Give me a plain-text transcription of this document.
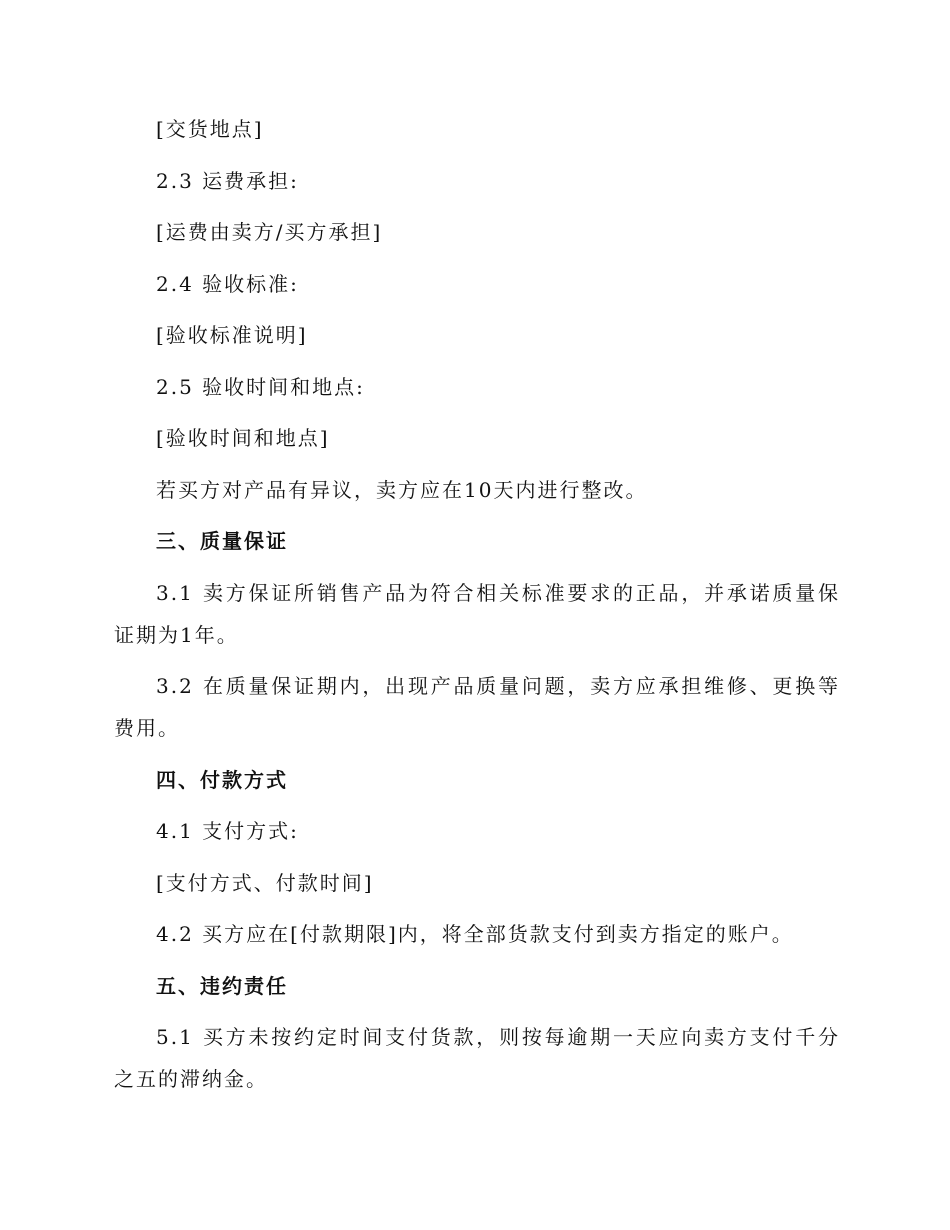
[交货地点]

2.3 运费承担:

[运费由卖方/买方承担]

2.4 验收标准:

[验收标准说明]

2.5 验收时间和地点:

[验收时间和地点]

若买方对产品有异议，卖方应在10天内进行整改。

三、质量保证

3.1 卖方保证所销售产品为符合相关标准要求的正品，并承诺质量保证期为1年。

3.2 在质量保证期内，出现产品质量问题，卖方应承担维修、更换等费用。

四、付款方式

4.1 支付方式:

[支付方式、付款时间]

4.2 买方应在[付款期限]内，将全部货款支付到卖方指定的账户。

五、违约责任

5.1 买方未按约定时间支付货款，则按每逾期一天应向卖方支付千分之五的滞纳金。
